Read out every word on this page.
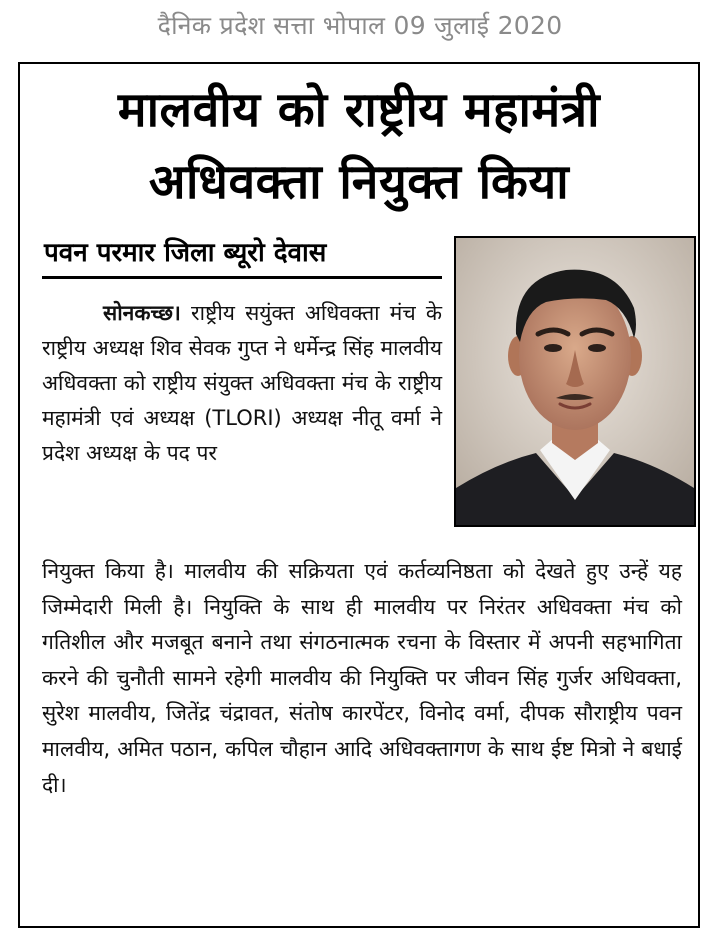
दैनिक प्रदेश सत्ता भोपाल 09 जुलाई 2020
मालवीय को राष्ट्रीय महामंत्री
अधिवक्ता नियुक्त किया
पवन परमार जिला ब्यूरो देवास

सोनकच्छ। राष्ट्रीय सयुंक्त अधिवक्ता मंच के राष्ट्रीय अध्यक्ष शिव सेवक गुप्त ने धर्मेन्द्र सिंह मालवीय अधिवक्ता को राष्ट्रीय संयुक्त अधिवक्ता मंच के राष्ट्रीय महामंत्री एवं अध्यक्ष (TLORI) अध्यक्ष नीतू वर्मा ने प्रदेश अध्यक्ष के पद पर

नियुक्त किया है। मालवीय की सक्रियता एवं कर्तव्यनिष्ठता को देखते हुए उन्हें यह जिम्मेदारी मिली है। नियुक्ति के साथ ही मालवीय पर निरंतर अधिवक्ता मंच को गतिशील और मजबूत बनाने तथा संगठनात्मक रचना के विस्तार में अपनी सहभागिता करने की चुनौती सामने रहेगी मालवीय की नियुक्ति पर जीवन सिंह गुर्जर अधिवक्ता, सुरेश मालवीय, जितेंद्र चंद्रावत, संतोष कारपेंटर, विनोद वर्मा, दीपक सौराष्ट्रीय पवन मालवीय, अमित पठान, कपिल चौहान आदि अधिवक्तागण के साथ ईष्ट मित्रो ने बधाई दी।
